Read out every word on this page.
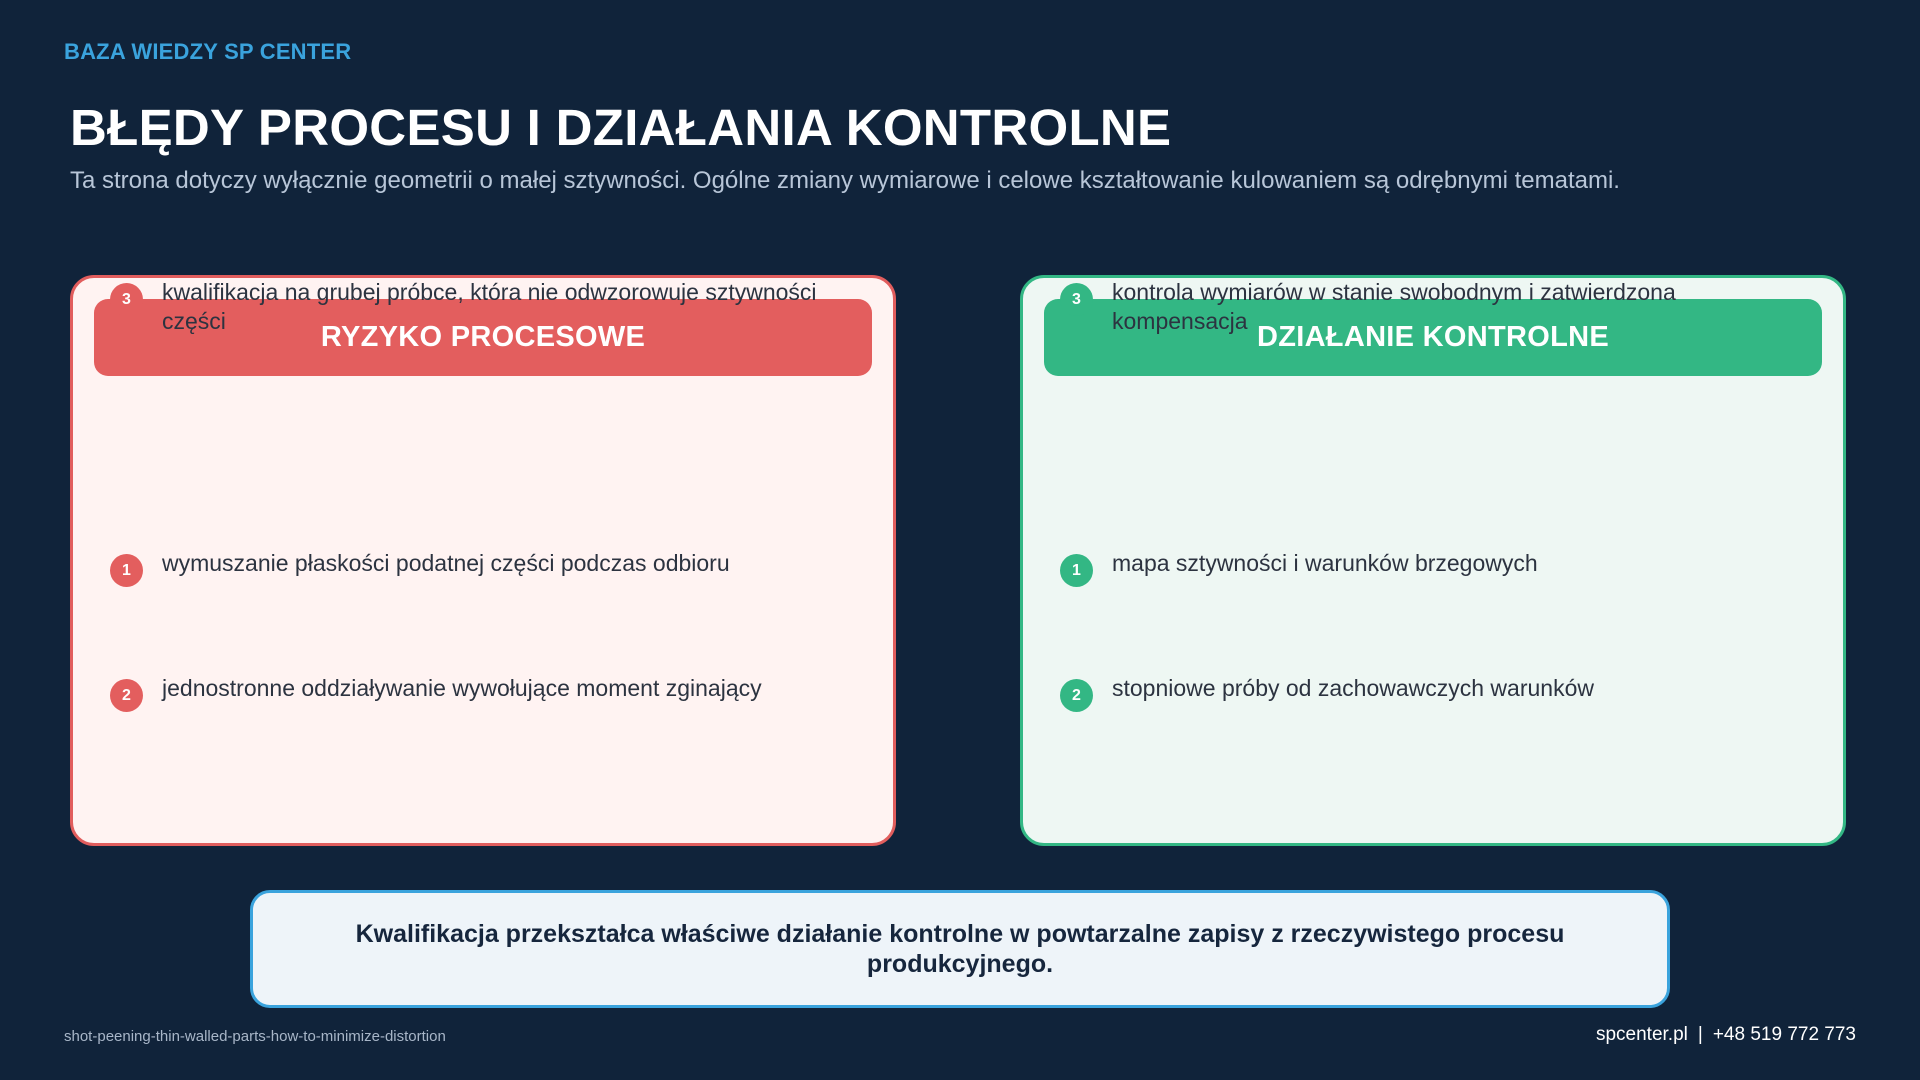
BAZA WIEDZY SP CENTER
BŁĘDY PROCESU I DZIAŁANIA KONTROLNE

Ta strona dotyczy wyłącznie geometrii o małej sztywności. Ogólne zmiany wymiarowe i celowe kształtowanie kulowaniem są odrębnymi tematami.

RYZYKO PROCESOWE
1	wymuszanie płaskości podatnej części podczas odbioru
2	jednostronne oddziaływanie wywołujące moment zginający
3	kwalifikacja na grubej próbce, która nie odwzorowuje sztywności części	DZIAŁANIE KONTROLNE
1	mapa sztywności i warunków brzegowych
2	stopniowe próby od zachowawczych warunków
3	kontrola wymiarów w stanie swobodnym i zatwierdzona kompensacja
Kwalifikacja przekształca właściwe działanie kontrolne w powtarzalne zapisy z rzeczywistego procesu produkcyjnego.
shot-peening-thin-walled-parts-how-to-minimize-distortion	spcenter.pl | +48 519 772 773
